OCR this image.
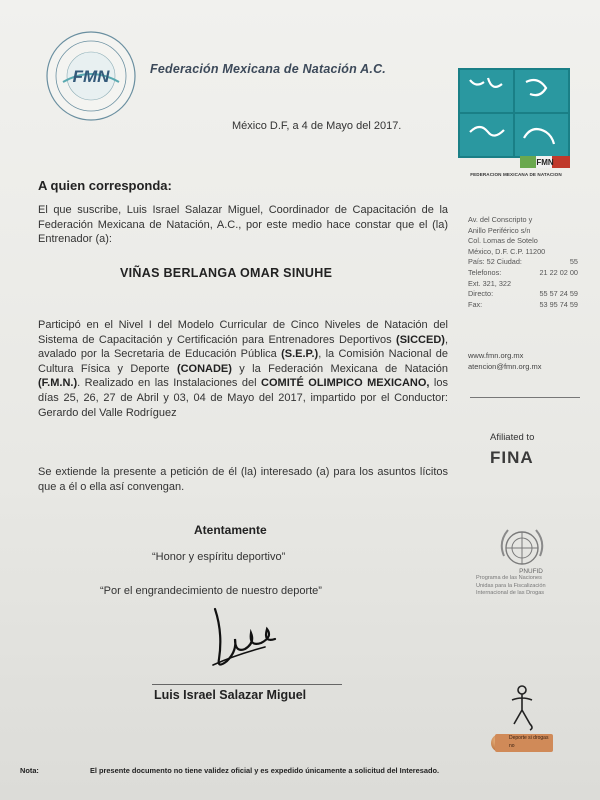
FMN	Federación Mexicana de Natación A.C.
México D.F, a 4 de Mayo del 2017.
FMN
FEDERACION MEXICANA DE NATACION
Av. del Conscripto y
Anillo Periférico s/n
Col. Lomas de Sotelo
México, D.F. C.P. 11200
País: 52 Ciudad:	55
Telefonos:	21 22 02 00
Ext. 321, 322
Directo:	55 57 24 59
Fax:	53 95 74 59
www.fmn.org.mx
atencion@fmn.org.mx
Afiliated to
FINA
PNUFID
Programa de las Naciones
Unidas para la Fiscalización
Internacional de las Drogas
Deporte si drogas no
A quien corresponda:
El que suscribe, Luis Israel Salazar Miguel, Coordinador de Capacitación de la Federación Mexicana de Natación, A.C., por este medio hace constar que el (la) Entrenador (a):
VIÑAS BERLANGA OMAR SINUHE
Participó en el Nivel I del Modelo Curricular de Cinco Niveles de Natación del Sistema de Capacitación y Certificación para Entrenadores Deportivos (SICCED), avalado por la Secretaria de Educación Pública (S.E.P.), la Comisión Nacional de Cultura Física y Deporte (CONADE) y la Federación Mexicana de Natación (F.M.N.). Realizado en las Instalaciones del COMITÉ OLIMPICO MEXICANO, los días 25, 26, 27 de Abril y 03, 04 de Mayo del 2017, impartido por el Conductor: Gerardo del Valle Rodríguez
Se extiende la presente a petición de él (la) interesado (a) para los asuntos lícitos que a él o ella así convengan.
Atentamente
“Honor y espíritu deportivo”
“Por el engrandecimiento de nuestro deporte”
Luis Israel Salazar Miguel
Nota:	El presente documento no tiene validez oficial y es expedido únicamente a solicitud del Interesado.
